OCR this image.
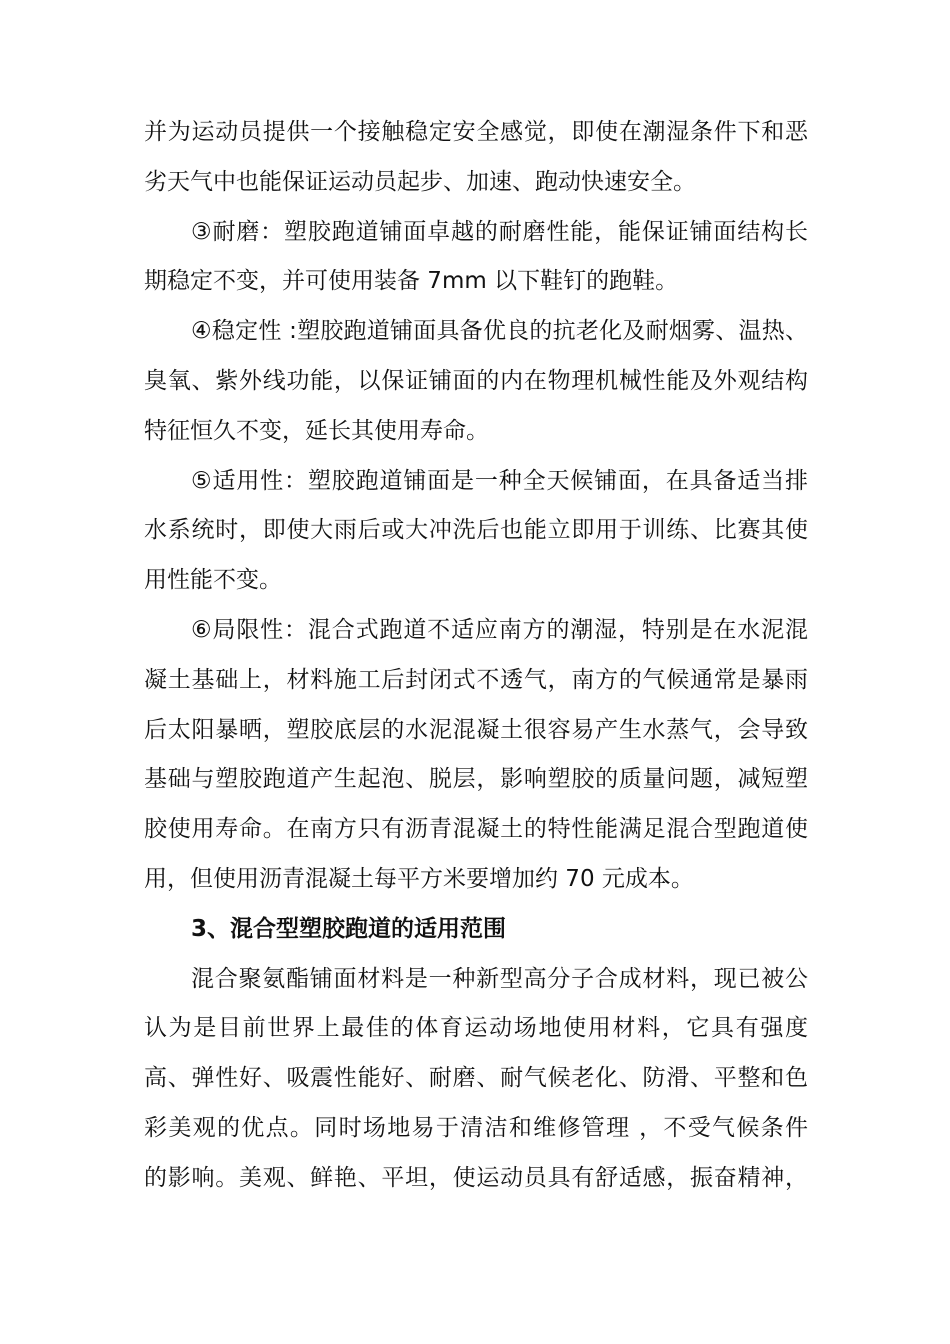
并为运动员提供一个接触稳定安全感觉，即使在潮湿条件下和恶
劣天气中也能保证运动员起步、加速、跑动快速安全。
③耐磨：塑胶跑道铺面卓越的耐磨性能，能保证铺面结构长
期稳定不变，并可使用装备 7mm 以下鞋钉的跑鞋。
④稳定性 :塑胶跑道铺面具备优良的抗老化及耐烟雾、温热、
臭氧、紫外线功能，以保证铺面的内在物理机械性能及外观结构
特征恒久不变，延长其使用寿命。
⑤适用性：塑胶跑道铺面是一种全天候铺面，在具备适当排
水系统时，即使大雨后或大冲洗后也能立即用于训练、比赛其使
用性能不变。
⑥局限性：混合式跑道不适应南方的潮湿，特别是在水泥混
凝土基础上，材料施工后封闭式不透气，南方的气候通常是暴雨
后太阳暴晒，塑胶底层的水泥混凝土很容易产生水蒸气，会导致
基础与塑胶跑道产生起泡、脱层，影响塑胶的质量问题，减短塑
胶使用寿命。在南方只有沥青混凝土的特性能满足混合型跑道使
用，但使用沥青混凝土每平方米要增加约 70 元成本。
3、混合型塑胶跑道的适用范围
混合聚氨酯铺面材料是一种新型高分子合成材料，现已被公
认为是目前世界上最佳的体育运动场地使用材料，它具有强度
高、弹性好、吸震性能好、耐磨、耐气候老化、防滑、平整和色
彩美观的优点。同时场地易于清洁和维修管理 ，不受气候条件
的影响。美观、鲜艳、平坦，使运动员具有舒适感，振奋精神，
